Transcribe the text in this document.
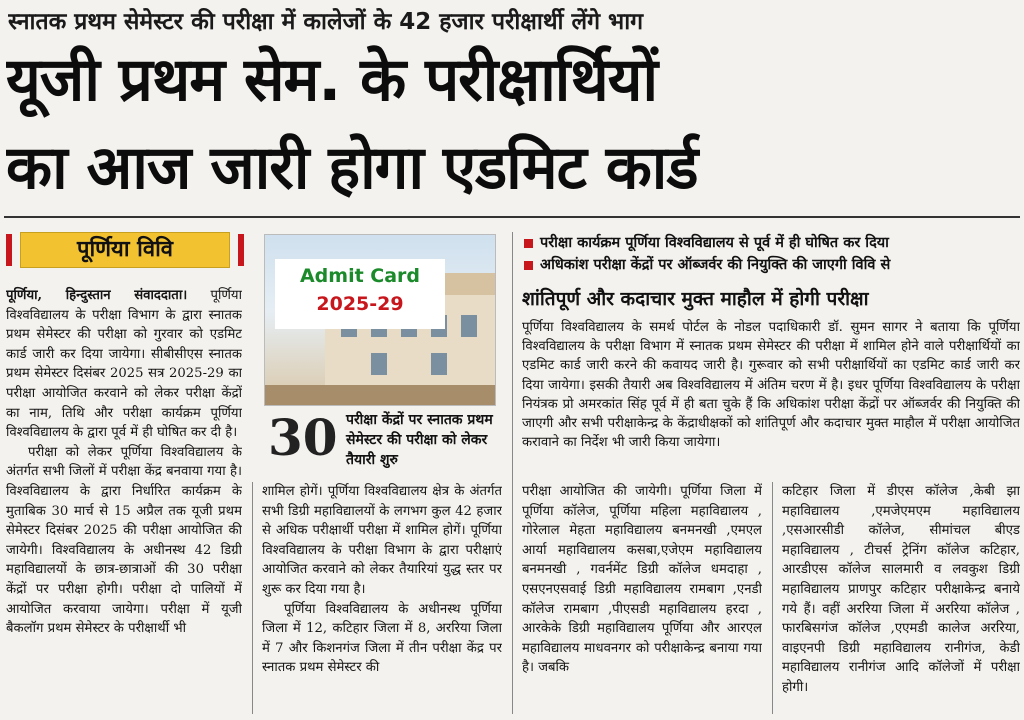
स्नातक प्रथम सेमेस्टर की परीक्षा में कालेजों के 42 हजार परीक्षार्थी लेंगे भाग
यूजी प्रथम सेम. के परीक्षार्थियों
का आज जारी होगा एडमिट कार्ड
पूर्णिया विवि

पूर्णिया, हिन्दुस्तान संवाददाता। पूर्णिया विश्वविद्यालय के परीक्षा विभाग के द्वारा स्नातक प्रथम सेमेस्टर की परीक्षा को गुरवार को एडमिट कार्ड जारी कर दिया जायेगा। सीबीसीएस स्नातक प्रथम सेमेस्टर दिसंबर 2025 सत्र 2025-29 का परीक्षा आयोजित करवाने को लेकर परीक्षा केंद्रों का नाम, तिथि और परीक्षा कार्यक्रम पूर्णिया विश्वविद्यालय के द्वारा पूर्व में ही घोषित कर दी है।

परीक्षा को लेकर पूर्णिया विश्वविद्यालय के अंतर्गत सभी जिलों में परीक्षा केंद्र बनवाया गया है। विश्वविद्यालय के द्वारा निर्धारित कार्यक्रम के मुताबिक 30 मार्च से 15 अप्रैल तक यूजी प्रथम सेमेस्टर दिसंबर 2025 की परीक्षा आयोजित की जायेगी। विश्वविद्यालय के अधीनस्थ 42 डिग्री महाविद्यालयों के छात्र-छात्राओं की 30 परीक्षा केंद्रों पर परीक्षा होगी। परीक्षा दो पालियों में आयोजित करवाया जायेगा। परीक्षा में यूजी बैकलॉग प्रथम सेमेस्टर के परीक्षार्थी भी

Admit Card
2025-29
30 परीक्षा केंद्रों पर स्नातक प्रथम सेमेस्टर की परीक्षा को लेकर तैयारी शुरु
परीक्षा कार्यक्रम पूर्णिया विश्वविद्यालय से पूर्व में ही घोषित कर दिया
अधिकांश परीक्षा केंद्रों पर ऑब्जर्वर की नियुक्ति की जाएगी विवि से
शांतिपूर्ण और कदाचार मुक्त माहौल में होगी परीक्षा

पूर्णिया विश्वविद्यालय के समर्थ पोर्टल के नोडल पदाधिकारी डॉ. सुमन सागर ने बताया कि पूर्णिया विश्वविद्यालय के परीक्षा विभाग में स्नातक प्रथम सेमेस्टर की परीक्षा में शामिल होने वाले परीक्षार्थियों का एडमिट कार्ड जारी करने की कवायद जारी है। गुरूवार को सभी परीक्षार्थियों का एडमिट कार्ड जारी कर दिया जायेगा। इसकी तैयारी अब विश्वविद्यालय में अंतिम चरण में है। इधर पूर्णिया विश्वविद्यालय के परीक्षा नियंत्रक प्रो अमरकांत सिंह पूर्व में ही बता चुके हैं कि अधिकांश परीक्षा केंद्रों पर ऑब्जर्वर की नियुक्ति की जाएगी और सभी परीक्षाकेन्द्र के केंद्राधीक्षकों को शांतिपूर्ण और कदाचार मुक्त माहौल में परीक्षा आयोजित करावाने का निर्देश भी जारी किया जायेगा।

शामिल होगें। पूर्णिया विश्वविद्यालय क्षेत्र के अंतर्गत सभी डिग्री महाविद्यालयों के लगभग कुल 42 हजार से अधिक परीक्षार्थी परीक्षा में शामिल होगें। पूर्णिया विश्वविद्यालय के परीक्षा विभाग के द्वारा परीक्षाएं आयोजित करवाने को लेकर तैयारियां युद्ध स्तर पर शुरू कर दिया गया है।

पूर्णिया विश्वविद्यालय के अधीनस्थ पूर्णिया जिला में 12, कटिहार जिला में 8, अररिया जिला में 7 और किशनगंज जिला में तीन परीक्षा केंद्र पर स्नातक प्रथम सेमेस्टर की

परीक्षा आयोजित की जायेगी। पूर्णिया जिला में पूर्णिया कॉलेज, पूर्णिया महिला महाविद्यालय , गोरेलाल मेहता महाविद्यालय बनमनखी ,एमएल आर्या महाविद्यालय कसबा,एजेएम महाविद्यालय बनमनखी , गवर्नमेंट डिग्री कॉलेज धमदाहा , एसएनएसवाई डिग्री महाविद्यालय रामबाग ,एनडी कॉलेज रामबाग ,पीएसडी महाविद्यालय हरदा , आरकेके डिग्री महाविद्यालय पूर्णिया और आरएल महाविद्यालय माधवनगर को परीक्षाकेन्द्र बनाया गया है। जबकि

कटिहार जिला में डीएस कॉलेज ,केबी झा महाविद्यालय ,एमजेएमएम महाविद्यालय ,एसआरसीडी कॉलेज, सीमांचल बीएड महाविद्यालय , टीचर्स ट्रेनिंग कॉलेज कटिहार, आरडीएस कॉलेज सालमारी व लवकुश डिग्री महाविद्यालय प्राणपुर कटिहार परीक्षाकेन्द्र बनाये गये हैं। वहीं अररिया जिला में अररिया कॉलेज , फारबिसगंज कॉलेज ,एएमडी कालेज अररिया, वाइएनपी डिग्री महाविद्यालय रानीगंज, केडी महाविद्यालय रानीगंज आदि कॉलेजों में परीक्षा होगी।
